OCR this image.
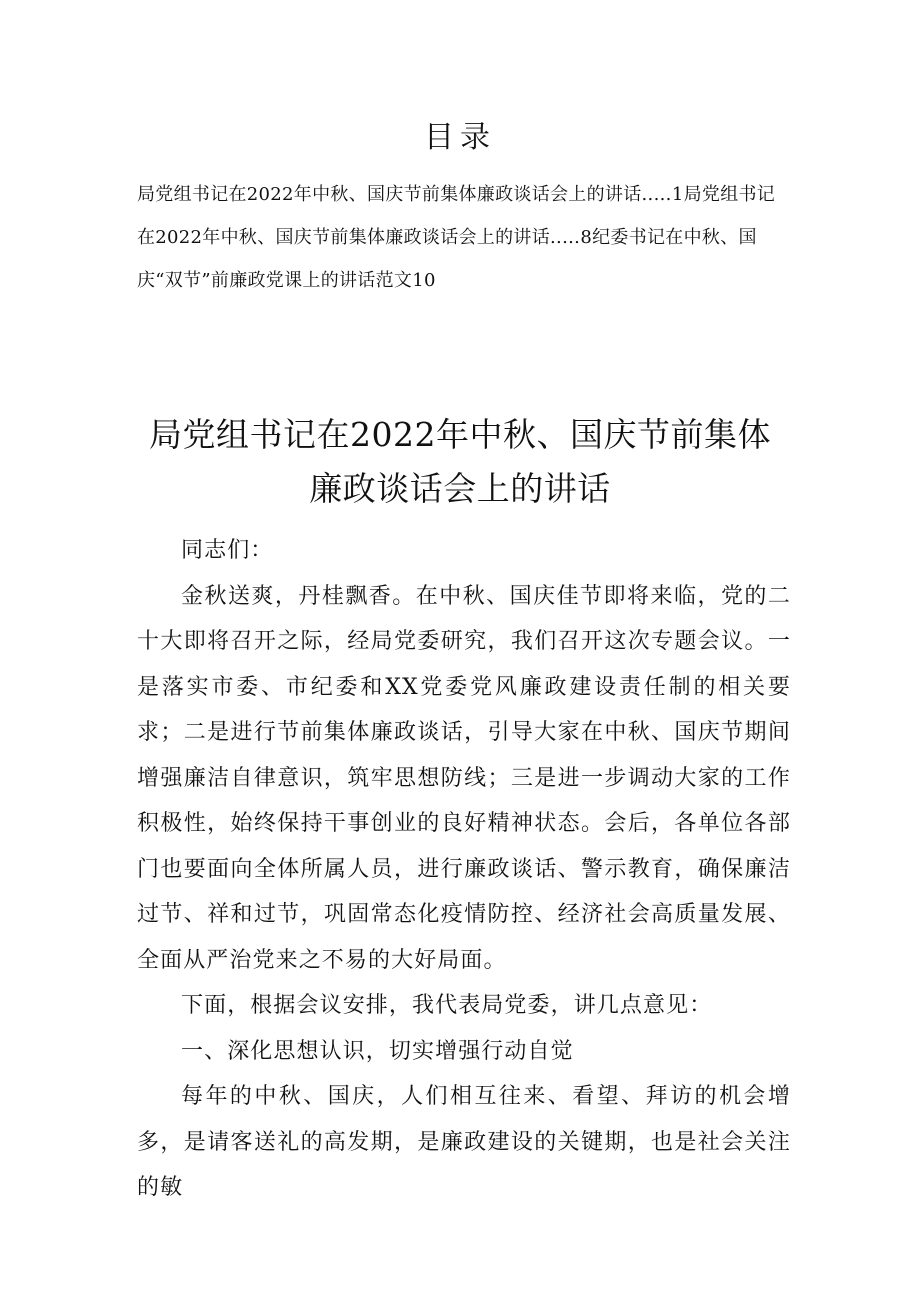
目录
局党组书记在2022年中秋、国庆节前集体廉政谈话会上的讲话..…1局党组书记在2022年中秋、国庆节前集体廉政谈话会上的讲话..…8纪委书记在中秋、国庆“双节”前廉政党课上的讲话范文10
局党组书记在2022年中秋、国庆节前集体
廉政谈话会上的讲话

同志们：

金秋送爽，丹桂飘香。在中秋、国庆佳节即将来临，党的二十大即将召开之际，经局党委研究，我们召开这次专题会议。一是落实市委、市纪委和XX党委党风廉政建设责任制的相关要求；二是进行节前集体廉政谈话，引导大家在中秋、国庆节期间增强廉洁自律意识，筑牢思想防线；三是进一步调动大家的工作积极性，始终保持干事创业的良好精神状态。会后，各单位各部门也要面向全体所属人员，进行廉政谈话、警示教育，确保廉洁过节、祥和过节，巩固常态化疫情防控、经济社会高质量发展、全面从严治党来之不易的大好局面。

下面，根据会议安排，我代表局党委，讲几点意见：

一、深化思想认识，切实增强行动自觉

每年的中秋、国庆，人们相互往来、看望、拜访的机会增多，是请客送礼的高发期，是廉政建设的关键期，也是社会关注的敏
